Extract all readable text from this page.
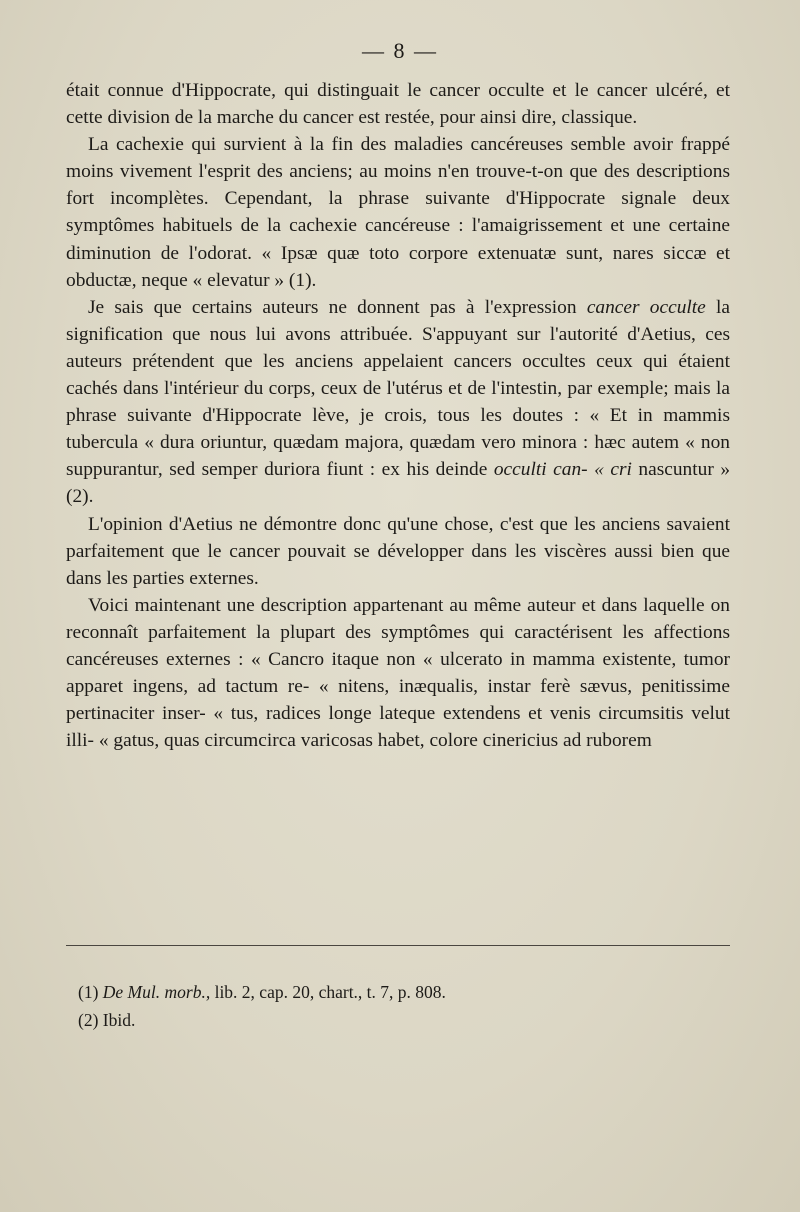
— 8 —

était connue d'Hippocrate, qui distinguait le cancer occulte et le cancer ulcéré, et cette division de la marche du cancer est restée, pour ainsi dire, classique.

La cachexie qui survient à la fin des maladies cancéreuses semble avoir frappé moins vivement l'esprit des anciens; au moins n'en trouve-t-on que des descriptions fort incomplètes. Cependant, la phrase suivante d'Hippocrate signale deux symptômes habituels de la cachexie cancéreuse : l'amaigrissement et une certaine diminution de l'odorat. « Ipsæ quæ toto corpore extenuatæ sunt, nares siccæ et obductæ, neque « elevatur » (1).

Je sais que certains auteurs ne donnent pas à l'expression cancer occulte la signification que nous lui avons attribuée. S'appuyant sur l'autorité d'Aetius, ces auteurs prétendent que les anciens appelaient cancers occultes ceux qui étaient cachés dans l'intérieur du corps, ceux de l'utérus et de l'intestin, par exemple; mais la phrase suivante d'Hippocrate lève, je crois, tous les doutes : « Et in mammis tubercula « dura oriuntur, quædam majora, quædam vero minora : hæc autem « non suppurantur, sed semper duriora fiunt : ex his deinde occulti can- « cri nascuntur » (2).

L'opinion d'Aetius ne démontre donc qu'une chose, c'est que les anciens savaient parfaitement que le cancer pouvait se développer dans les viscères aussi bien que dans les parties externes.

Voici maintenant une description appartenant au même auteur et dans laquelle on reconnaît parfaitement la plupart des symptômes qui caractérisent les affections cancéreuses externes : « Cancro itaque non « ulcerato in mamma existente, tumor apparet ingens, ad tactum re- « nitens, inæqualis, instar ferè sævus, penitissime pertinaciter inser- « tus, radices longe lateque extendens et venis circumsitis velut illi- « gatus, quas circumcirca varicosas habet, colore cinericius ad ruborem

(1) De Mul. morb., lib. 2, cap. 20, chart., t. 7, p. 808.

(2) Ibid.
